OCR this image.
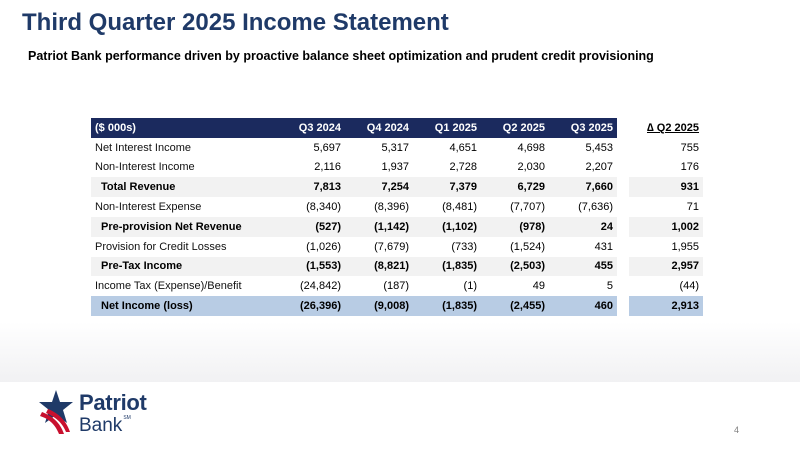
Third Quarter 2025 Income Statement
Patriot Bank performance driven by proactive balance sheet optimization and prudent credit provisioning
($ 000s)	Q3 2024	Q4 2024	Q1 2025	Q2 2025	Q3 2025		∆ Q2 2025
Net Interest Income	5,697	5,317	4,651	4,698	5,453		755
Non-Interest Income	2,116	1,937	2,728	2,030	2,207		176
Total Revenue	7,813	7,254	7,379	6,729	7,660		931
Non-Interest Expense	(8,340)	(8,396)	(8,481)	(7,707)	(7,636)		71
Pre-provision Net Revenue	(527)	(1,142)	(1,102)	(978)	24		1,002
Provision for Credit Losses	(1,026)	(7,679)	(733)	(1,524)	431		1,955
Pre-Tax Income	(1,553)	(8,821)	(1,835)	(2,503)	455		2,957
Income Tax (Expense)/Benefit	(24,842)	(187)	(1)	49	5		(44)
Net Income (loss)	(26,396)	(9,008)	(1,835)	(2,455)	460		2,913
Patriot
Bank℠
4
